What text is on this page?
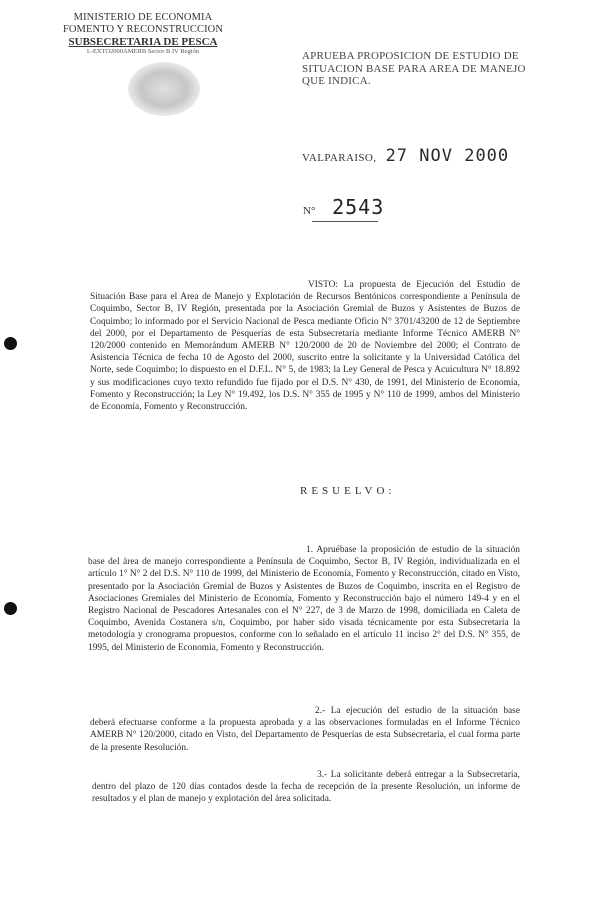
MINISTERIO DE ECONOMIA
FOMENTO Y RECONSTRUCCION
SUBSECRETARIA DE PESCA
I.-EXTO2000AMERB Sector B IV Región	APRUEBA PROPOSICION DE ESTUDIO DE SITUACION BASE PARA AREA DE MANEJO QUE INDICA.
VALPARAISO, 27 NOV 2000
N° 2543
VISTO: La propuesta de Ejecución del Estudio de Situación Base para el Area de Manejo y Explotación de Recursos Bentónicos correspondiente a Península de Coquimbo, Sector B, IV Región, presentada por la Asociación Gremial de Buzos y Asistentes de Buzos de Coquimbo; lo informado por el Servicio Nacional de Pesca mediante Oficio N° 3701/43200 de 12 de Septiembre del 2000, por el Departamento de Pesquerías de esta Subsecretaría mediante Informe Técnico AMERB N° 120/2000 contenido en Memorándum AMERB N° 120/2000 de 20 de Noviembre del 2000; el Contrato de Asistencia Técnica de fecha 10 de Agosto del 2000, suscrito entre la solicitante y la Universidad Católica del Norte, sede Coquimbo; lo dispuesto en el D.F.L. N° 5, de 1983; la Ley General de Pesca y Acuicultura N° 18.892 y sus modificaciones cuyo texto refundido fue fijado por el D.S. N° 430, de 1991, del Ministerio de Economía, Fomento y Reconstrucción; la Ley N° 19.492, los D.S. N° 355 de 1995 y N° 110 de 1999, ambos del Ministerio de Economía, Fomento y Reconstrucción.
RESUELVO:
1. Apruébase la proposición de estudio de la situación base del área de manejo correspondiente a Península de Coquimbo, Sector B, IV Región, individualizada en el artículo 1° N° 2 del D.S. N° 110 de 1999, del Ministerio de Economía, Fomento y Reconstrucción, citado en Visto, presentado por la Asociación Gremial de Buzos y Asistentes de Buzos de Coquimbo, inscrita en el Registro de Asociaciones Gremiales del Ministerio de Economía, Fomento y Reconstrucción bajo el número 149-4 y en el Registro Nacional de Pescadores Artesanales con el N° 227, de 3 de Marzo de 1998, domiciliada en Caleta de Coquimbo, Avenida Costanera s/n, Coquimbo, por haber sido visada técnicamente por esta Subsecretaría la metodología y cronograma propuestos, conforme con lo señalado en el artículo 11 inciso 2° del D.S. N° 355, de 1995, del Ministerio de Economía, Fomento y Reconstrucción.
2.- La ejecución del estudio de la situación base deberá efectuarse conforme a la propuesta aprobada y a las observaciones formuladas en el Informe Técnico AMERB N° 120/2000, citado en Visto, del Departamento de Pesquerías de esta Subsecretaría, el cual forma parte de la presente Resolución.
3.- La solicitante deberá entregar a la Subsecretaría, dentro del plazo de 120 días contados desde la fecha de recepción de la presente Resolución, un informe de resultados y el plan de manejo y explotación del área solicitada.
